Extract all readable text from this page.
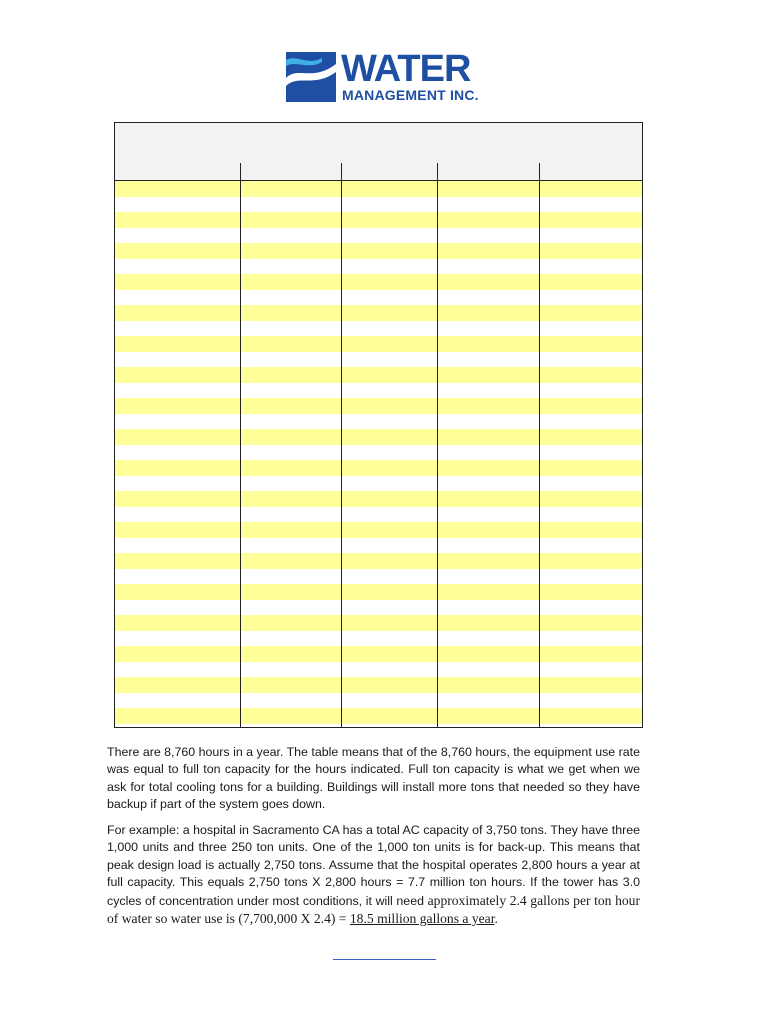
WATER
MANAGEMENT INC.
There are 8,760 hours in a year. The table means that of the 8,760 hours, the equipment use rate was equal to full ton capacity for the hours indicated. Full ton capacity is what we get when we ask for total cooling tons for a building. Buildings will install more tons that needed so they have backup if part of the system goes down.
For example: a hospital in Sacramento CA has a total AC capacity of 3,750 tons. They have three 1,000 units and three 250 ton units. One of the 1,000 ton units is for back-up. This means that peak design load is actually 2,750 tons. Assume that the hospital operates 2,800 hours a year at full capacity. This equals 2,750 tons X 2,800 hours = 7.7 million ton hours. If the tower has 3.0 cycles of concentration under most conditions, it will need approximately 2.4 gallons per ton hour of water so water use is (7,700,000 X 2.4) = 18.5 million gallons a year.
